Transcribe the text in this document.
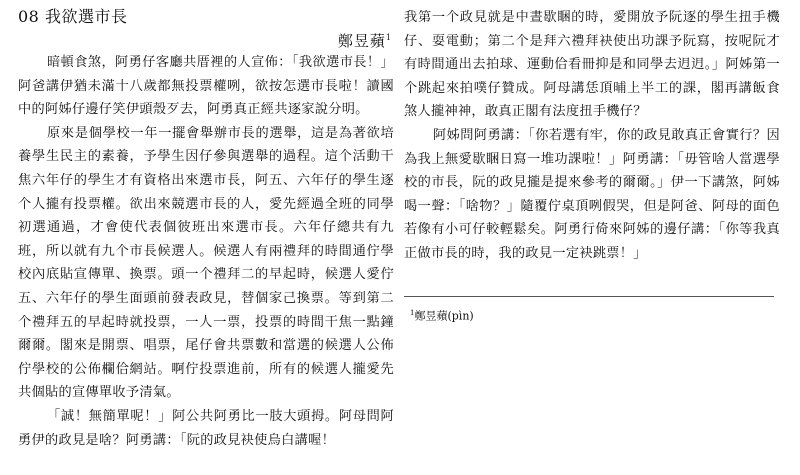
08 我欲選市長

鄭昱蘋$^1$

暗頓食煞，阿勇仔客廳共厝裡的人宣佈：「我欲選市長！」阿爸講伊猶未滿十八歲都無投票權咧，欲按怎選市長啦！讀國中的阿姊仔邊仔笑伊頭殼歹去，阿勇真正經共逐家說分明。

原來是個學校一年一擺會舉辦市長的選舉，這是為著欲培養學生民主的素養，予學生因仔參與選舉的過程。這个活動干焦六年仔的學生才有資格出來選市長，阿五、六年仔的學生逐个人攏有投票權。欲出來競選市長的人，愛先經過全班的同學初選通過，才會使代表個彼班出來選市長。六年仔總共有九班，所以就有九个市長候選人。候選人有兩禮拜的時間通佇學校內底貼宣傳單、換票。頭一个禮拜二的早起時，候選人愛佇五、六年仔的學生面頭前發表政見，替個家己換票。等到第二个禮拜五的早起時就投票，一人一票，投票的時間干焦一點鐘爾爾。閣來是開票、唱票，尾仔會共票數和當選的候選人公佈佇學校的公佈欄佮網站。啊佇投票進前，所有的候選人攏愛先共個貼的宣傳單收予清氣。

「誠！無簡單呢！」阿公共阿勇比一肢大頭拇。阿母問阿勇伊的政見是啥？阿勇講：「阮的政見袂使烏白講喔！

我第一个政見就是中晝歇睏的時，愛開放予阮逐的學生扭手機仔、耍電動；第二个是拜六禮拜袂使出功課予阮寫，按呢阮才有時間通出去拍球、運動佮看冊抑是和同學去迌迌。」阿姊第一个跳起來拍噗仔贊成。阿母講恁頂晡上半工的課，閣再講飯食煞人攏神神，敢真正閣有法度扭手機仔？

阿姊問阿勇講：「你若選有牢，你的政見敢真正會實行？因為我上無愛歇睏日寫一堆功課啦！」阿勇講：「毋管啥人當選學校的市長，阮的政見攏是提來參考的爾爾。」伊一下講煞，阿姊喝一聲：「啥物？」隨覆佇桌頂咧假哭，但是阿爸、阿母的面色若像有小可仔較輕鬆矣。阿勇行倚來阿姊的邊仔講：「你等我真正做市長的時，我的政見一定袂跳票！」

$^1$鄭昱蘋(pìn)
